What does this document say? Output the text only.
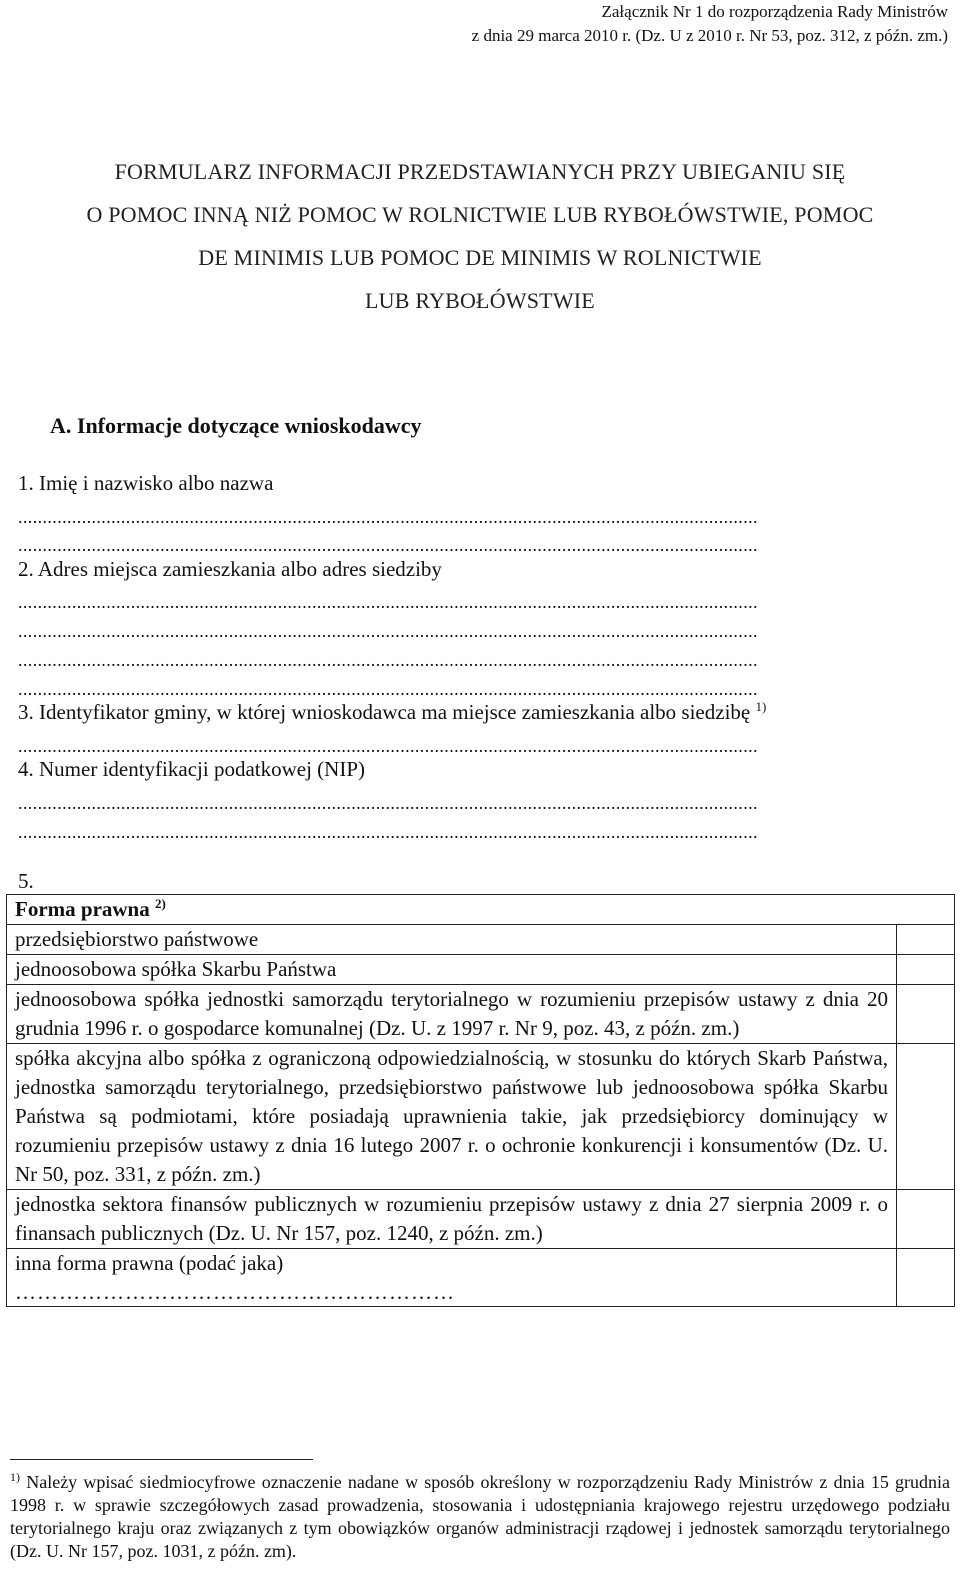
Załącznik Nr 1 do rozporządzenia Rady Ministrów
z dnia 29 marca 2010 r. (Dz. U z 2010 r. Nr 53, poz. 312, z późn. zm.)
FORMULARZ INFORMACJI PRZEDSTAWIANYCH PRZY UBIEGANIU SIĘ
O POMOC INNĄ NIŻ POMOC W ROLNICTWIE LUB RYBOŁÓWSTWIE, POMOC
DE MINIMIS LUB POMOC DE MINIMIS W ROLNICTWIE
LUB RYBOŁÓWSTWIE
A. Informacje dotyczące wnioskodawcy
1. Imię i nazwisko albo nazwa
.......................................................................................................................................................
.......................................................................................................................................................
2. Adres miejsca zamieszkania albo adres siedziby
.......................................................................................................................................................
.......................................................................................................................................................
.......................................................................................................................................................
.......................................................................................................................................................
3. Identyfikator gminy, w której wnioskodawca ma miejsce zamieszkania albo siedzibę $^{1)}$
.......................................................................................................................................................
4. Numer identyfikacji podatkowej (NIP)
.......................................................................................................................................................
.......................................................................................................................................................
5.
Forma prawna $^{2)}$
przedsiębiorstwo państwowe	
jednoosobowa spółka Skarbu Państwa	
jednoosobowa spółka jednostki samorządu terytorialnego w rozumieniu przepisów ustawy z dnia 20 grudnia 1996 r. o gospodarce komunalnej (Dz. U. z 1997 r. Nr 9, poz. 43, z późn. zm.)	
spółka akcyjna albo spółka z ograniczoną odpowiedzialnością, w stosunku do których Skarb Państwa, jednostka samorządu terytorialnego, przedsiębiorstwo państwowe lub jednoosobowa spółka Skarbu Państwa są podmiotami, które posiadają uprawnienia takie, jak przedsiębiorcy dominujący w rozumieniu przepisów ustawy z dnia 16 lutego 2007 r. o ochronie konkurencji i konsumentów (Dz. U. Nr 50, poz. 331, z późn. zm.)	
jednostka sektora finansów publicznych w rozumieniu przepisów ustawy z dnia 27 sierpnia 2009 r. o finansach publicznych (Dz. U. Nr 157, poz. 1240, z późn. zm.)	

inna forma prawna (podać jaka)
……………………………………………………	

$^{1)}$ Należy wpisać siedmiocyfrowe oznaczenie nadane w sposób określony w rozporządzeniu Rady Ministrów z dnia 15 grudnia 1998 r. w sprawie szczegółowych zasad prowadzenia, stosowania i udostępniania krajowego rejestru urzędowego podziału terytorialnego kraju oraz związanych z tym obowiązków organów administracji rządowej i jednostek samorządu terytorialnego (Dz. U. Nr 157, poz. 1031, z późn. zm).
